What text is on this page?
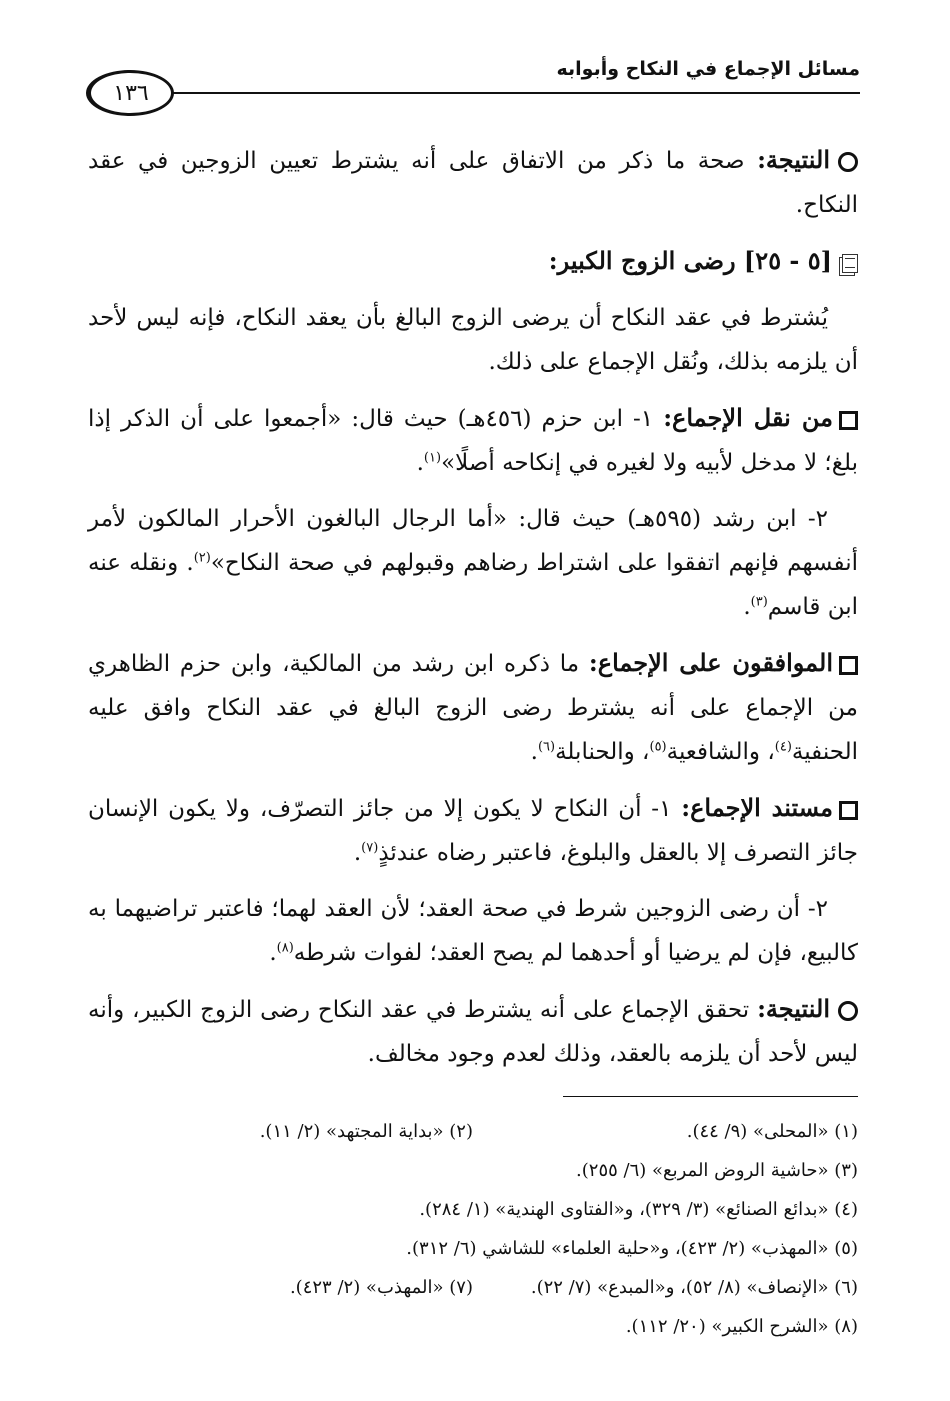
مسائل الإجماع في النكاح وأبوابه
١٣٦

النتيجة: صحة ما ذكر من الاتفاق على أنه يشترط تعيين الزوجين في عقد النكاح.

[٥ - ٢٥] رضى الزوج الكبير:

يُشترط في عقد النكاح أن يرضى الزوج البالغ بأن يعقد النكاح، فإنه ليس لأحد أن يلزمه بذلك، ونُقل الإجماع على ذلك.

من نقل الإجماع: ١- ابن حزم (٤٥٦هـ) حيث قال: «أجمعوا على أن الذكر إذا بلغ؛ لا مدخل لأبيه ولا لغيره في إنكاحه أصلًا»$^{(١)}$.

٢- ابن رشد (٥٩٥هـ) حيث قال: «أما الرجال البالغون الأحرار المالكون لأمر أنفسهم فإنهم اتفقوا على اشتراط رضاهم وقبولهم في صحة النكاح»$^{(٢)}$. ونقله عنه ابن قاسم$^{(٣)}$.

الموافقون على الإجماع: ما ذكره ابن رشد من المالكية، وابن حزم الظاهري من الإجماع على أنه يشترط رضى الزوج البالغ في عقد النكاح وافق عليه الحنفية$^{(٤)}$، والشافعية$^{(٥)}$، والحنابلة$^{(٦)}$.

مستند الإجماع: ١- أن النكاح لا يكون إلا من جائز التصرّف، ولا يكون الإنسان جائز التصرف إلا بالعقل والبلوغ، فاعتبر رضاه عندئذٍ$^{(٧)}$.

٢- أن رضى الزوجين شرط في صحة العقد؛ لأن العقد لهما؛ فاعتبر تراضيهما به كالبيع، فإن لم يرضيا أو أحدهما لم يصح العقد؛ لفوات شرطه$^{(٨)}$.

النتيجة: تحقق الإجماع على أنه يشترط في عقد النكاح رضى الزوج الكبير، وأنه ليس لأحد أن يلزمه بالعقد، وذلك لعدم وجود مخالف.

(١) «المحلى» (٩/ ٤٤).
(٢) «بداية المجتهد» (٢/ ١١).
(٣) «حاشية الروض المربع» (٦/ ٢٥٥).
(٤) «بدائع الصنائع» (٣/ ٣٢٩)، و«الفتاوى الهندية» (١/ ٢٨٤).
(٥) «المهذب» (٢/ ٤٢٣)، و«حلية العلماء» للشاشي (٦/ ٣١٢).
(٦) «الإنصاف» (٨/ ٥٢)، و«المبدع» (٧/ ٢٢).
(٧) «المهذب» (٢/ ٤٢٣).
(٨) «الشرح الكبير» (٢٠/ ١١٢).
